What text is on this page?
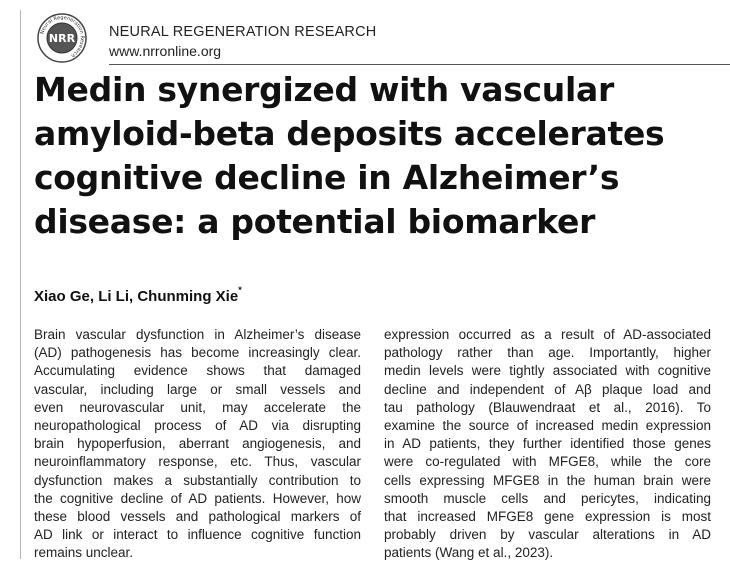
Neural Regeneration Research
NRR NEURAL REGENERATION RESEARCH
www.nrronline.org
Medin synergized with vascular
amyloid-beta deposits accelerates
cognitive decline in Alzheimer’s
disease: a potential biomarker
Xiao Ge, Li Li, Chunming Xie*
Brain vascular dysfunction in Alzheimer’s disease
(AD) pathogenesis has become increasingly clear.
Accumulating evidence shows that damaged
vascular, including large or small vessels and
even neurovascular unit, may accelerate the
neuropathological process of AD via disrupting
brain hypoperfusion, aberrant angiogenesis, and
neuroinflammatory response, etc. Thus, vascular
dysfunction makes a substantially contribution to
the cognitive decline of AD patients. However, how
these blood vessels and pathological markers of
AD link or interact to influence cognitive function
remains unclear.
expression occurred as a result of AD-associated
pathology rather than age. Importantly, higher
medin levels were tightly associated with cognitive
decline and independent of Aβ plaque load and
tau pathology (Blauwendraat et al., 2016). To
examine the source of increased medin expression
in AD patients, they further identified those genes
were co-regulated with MFGE8, while the core
cells expressing MFGE8 in the human brain were
smooth muscle cells and pericytes, indicating
that increased MFGE8 gene expression is most
probably driven by vascular alterations in AD
patients (Wang et al., 2023).
